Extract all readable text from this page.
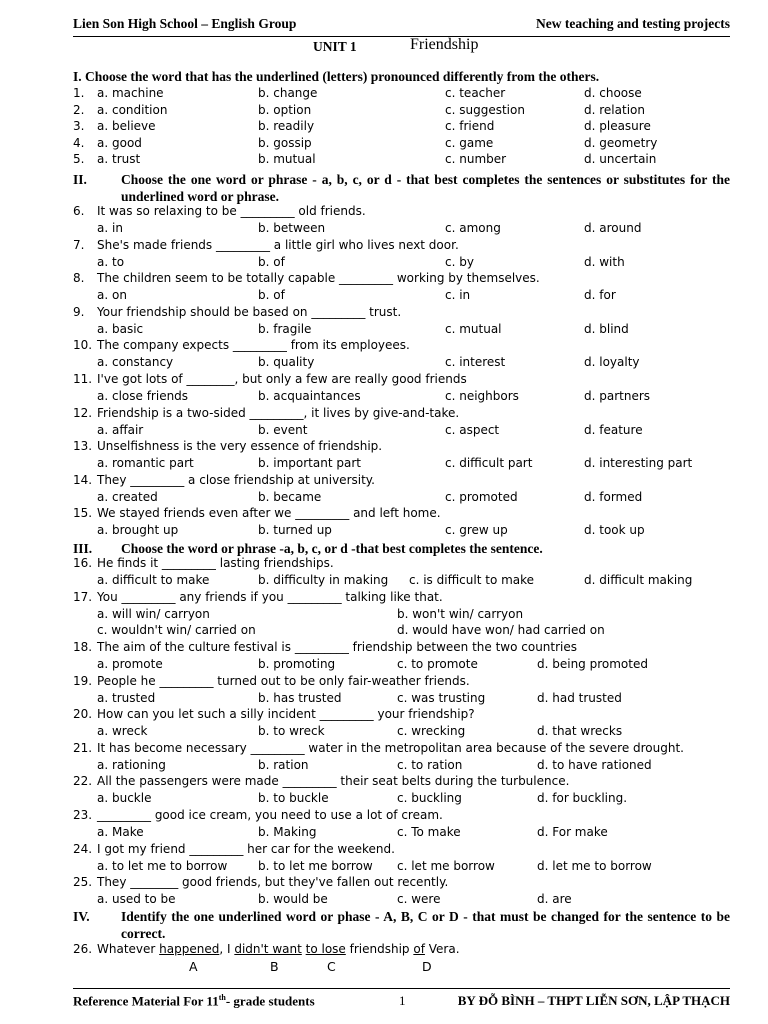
Lien Son High School – English Group	New teaching and testing projects
UNIT 1	Friendship
I. Choose the word that has the underlined (letters) pronounced differently from the others.
1. a. machine	b. change	c. teacher	d. choose
2. a. condition	b. option	c. suggestion	d. relation
3. a. believe	b. readily	c. friend	d. pleasure
4. a. good	b. gossip	c. game	d. geometry
5. a. trust	b. mutual	c. number	d. uncertain
II.	Choose the one word or phrase - a, b, c, or d - that best completes the sentences or substitutes for the underlined word or phrase.
6. It was so relaxing to be _________ old friends.
a. in	b. between	c. among	d. around
7. She's made friends _________ a little girl who lives next door.
a. to	b. of	c. by	d. with
8. The children seem to be totally capable _________ working by themselves.
a. on	b. of	c. in	d. for
9. Your friendship should be based on _________ trust.
a. basic	b. fragile	c. mutual	d. blind
10. The company expects _________ from its employees.
a. constancy	b. quality	c. interest	d. loyalty
11. I've got lots of ________, but only a few are really good friends
a. close friends	b. acquaintances	c. neighbors	d. partners
12. Friendship is a two-sided _________, it lives by give-and-take.
a. affair	b. event	c. aspect	d. feature
13. Unselfishness is the very essence of friendship.
a. romantic part	b. important part	c. difficult part	d. interesting part
14. They _________ a close friendship at university.
a. created	b. became	c. promoted	d. formed
15. We stayed friends even after we _________ and left home.
a. brought up	b. turned up	c. grew up	d. took up
III. Choose the word or phrase -a, b, c, or d -that best completes the sentence.
16. He finds it _________ lasting friendships.
a. difficult to make	b. difficulty in making c. is difficult to make	d. difficult making
17. You _________ any friends if you _________ talking like that.
a. will win/ carryon	b. won't win/ carryon
c. wouldn't win/ carried on	d. would have won/ had carried on
18. The aim of the culture festival is _________ friendship between the two countries
a. promote	b. promoting	c. to promote	d. being promoted
19. People he _________ turned out to be only fair-weather friends.
a. trusted	b. has trusted	c. was trusting	d. had trusted
20. How can you let such a silly incident _________ your friendship?
a. wreck	b. to wreck	c. wrecking	d. that wrecks
21. It has become necessary _________ water in the metropolitan area because of the severe drought.
a. rationing	b. ration	c. to ration	d. to have rationed
22. All the passengers were made _________ their seat belts during the turbulence.
a. buckle	b. to buckle	c. buckling	d. for buckling.
23. _________ good ice cream, you need to use a lot of cream.
a. Make	b. Making	c. To make	d. For make
24. I got my friend _________ her car for the weekend.
a. to let me to borrow	b. to let me borrow c. let me borrow	d. let me to borrow
25. They ________ good friends, but they've fallen out recently.
a. used to be	b. would be	c. were	d. are
IV. Identify the one underlined word or phase - A, B, C or D - that must be changed for the sentence to be correct.
26. Whatever happened, I didn't want to lose friendship of Vera.
A	B	C	D
Reference Material For 11th- grade students	1	BY ĐỖ BÌNH – THPT LIỄN SƠN, LẬP THẠCH
